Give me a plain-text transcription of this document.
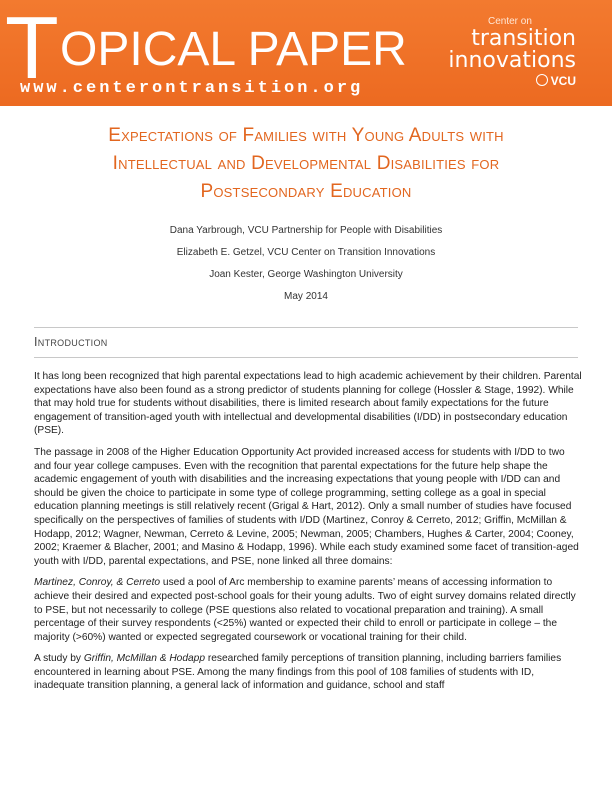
T OPICAL PAPER
www.centerontransition.org
Center on
transition
innovations
VCU
Expectations of Families with Young Adults with
Intellectual and Developmental Disabilities for
Postsecondary Education
Dana Yarbrough, VCU Partnership for People with Disabilities
Elizabeth E. Getzel, VCU Center on Transition Innovations
Joan Kester, George Washington University
May 2014
Introduction

It has long been recognized that high parental expectations lead to high academic achievement by their children. Parental expectations have also been found as a strong predictor of students planning for college (Hossler & Stage, 1992). While that may hold true for students without disabilities, there is limited research about family expectations for the future engagement of transition-aged youth with intellectual and developmental disabilities (I/DD) in postsecondary education (PSE).

The passage in 2008 of the Higher Education Opportunity Act provided increased access for students with I/DD to two and four year college campuses. Even with the recognition that parental expectations for the future help shape the academic engagement of youth with disabilities and the increasing expectations that young people with I/DD can and should be given the choice to participate in some type of college programming, setting college as a goal in special education planning meetings is still relatively recent (Grigal & Hart, 2012). Only a small number of studies have focused specifically on the perspectives of families of students with I/DD (Martinez, Conroy & Cerreto, 2012; Griffin, McMillan & Hodapp, 2012; Wagner, Newman, Cerreto & Levine, 2005; Newman, 2005; Chambers, Hughes & Carter, 2004; Cooney, 2002; Kraemer & Blacher, 2001; and Masino & Hodapp, 1996). While each study examined some facet of transition-aged youth with I/DD, parental expectations, and PSE, none linked all three domains:

Martinez, Conroy, & Cerreto used a pool of Arc membership to examine parents’ means of accessing information to achieve their desired and expected post-school goals for their young adults. Two of eight survey domains related directly to PSE, but not necessarily to college (PSE questions also related to vocational preparation and training). A small percentage of their survey respondents (<25%) wanted or expected their child to enroll or participate in college – the majority (>60%) wanted or expected segregated coursework or vocational training for their child.

A study by Griffin, McMillan & Hodapp researched family perceptions of transition planning, including barriers families encountered in learning about PSE. Among the many findings from this pool of 108 families of students with ID, inadequate transition planning, a general lack of information and guidance, school and staff
